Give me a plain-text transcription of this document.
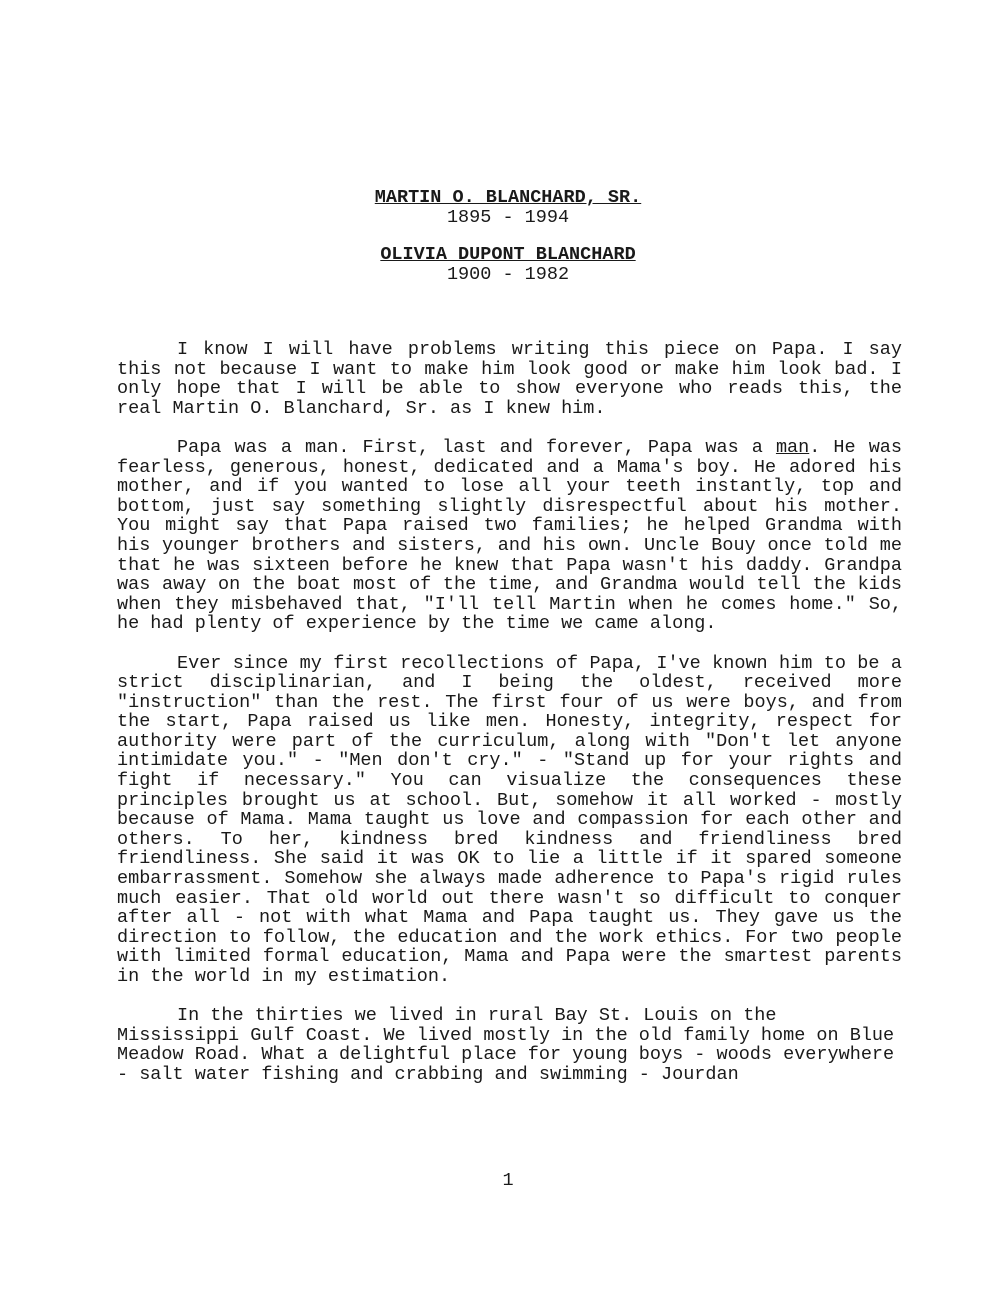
MARTIN O. BLANCHARD, SR.
1895 - 1994
OLIVIA DUPONT BLANCHARD
1900 - 1982

I know I will have problems writing this piece on Papa. I say this not because I want to make him look good or make him look bad. I only hope that I will be able to show everyone who reads this, the real Martin O. Blanchard, Sr. as I knew him.

Papa was a man. First, last and forever, Papa was a man. He was fearless, generous, honest, dedicated and a Mama's boy. He adored his mother, and if you wanted to lose all your teeth instantly, top and bottom, just say something slightly disrespectful about his mother. You might say that Papa raised two families; he helped Grandma with his younger brothers and sisters, and his own. Uncle Bouy once told me that he was sixteen before he knew that Papa wasn't his daddy. Grandpa was away on the boat most of the time, and Grandma would tell the kids when they misbehaved that, "I'll tell Martin when he comes home." So, he had plenty of experience by the time we came along.

Ever since my first recollections of Papa, I've known him to be a strict disciplinarian, and I being the oldest, received more "instruction" than the rest. The first four of us were boys, and from the start, Papa raised us like men. Honesty, integrity, respect for authority were part of the curriculum, along with "Don't let anyone intimidate you." - "Men don't cry." - "Stand up for your rights and fight if necessary." You can visualize the consequences these principles brought us at school. But, somehow it all worked - mostly because of Mama. Mama taught us love and compassion for each other and others. To her, kindness bred kindness and friendliness bred friendliness. She said it was OK to lie a little if it spared someone embarrassment. Somehow she always made adherence to Papa's rigid rules much easier. That old world out there wasn't so difficult to conquer after all - not with what Mama and Papa taught us. They gave us the direction to follow, the education and the work ethics. For two people with limited formal education, Mama and Papa were the smartest parents in the world in my estimation.

In the thirties we lived in rural Bay St. Louis on the Mississippi Gulf Coast. We lived mostly in the old family home on Blue Meadow Road. What a delightful place for young boys - woods everywhere - salt water fishing and crabbing and swimming - Jourdan

1
